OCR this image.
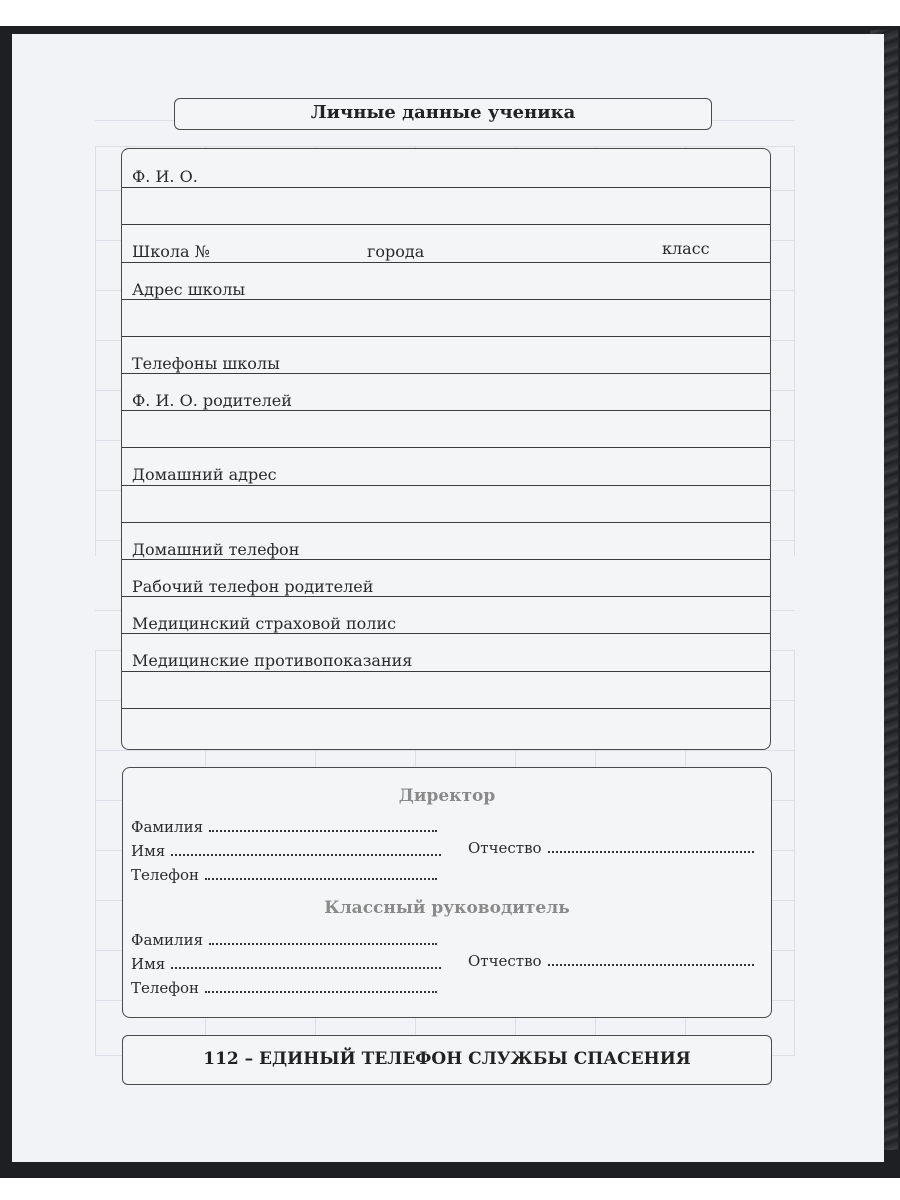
Личные данные ученика
Ф. И. О.
Школа №	города	класс
Адрес школы
Телефоны школы
Ф. И. О. родителей
Домашний адрес
Домашний телефон
Рабочий телефон родителей
Медицинский страховой полис
Медицинские противопоказания
Директор
Фамилия
Имя	Отчество
Телефон
Классный руководитель
Фамилия
Имя	Отчество
Телефон
112 – ЕДИНЫЙ ТЕЛЕФОН СЛУЖБЫ СПАСЕНИЯ
